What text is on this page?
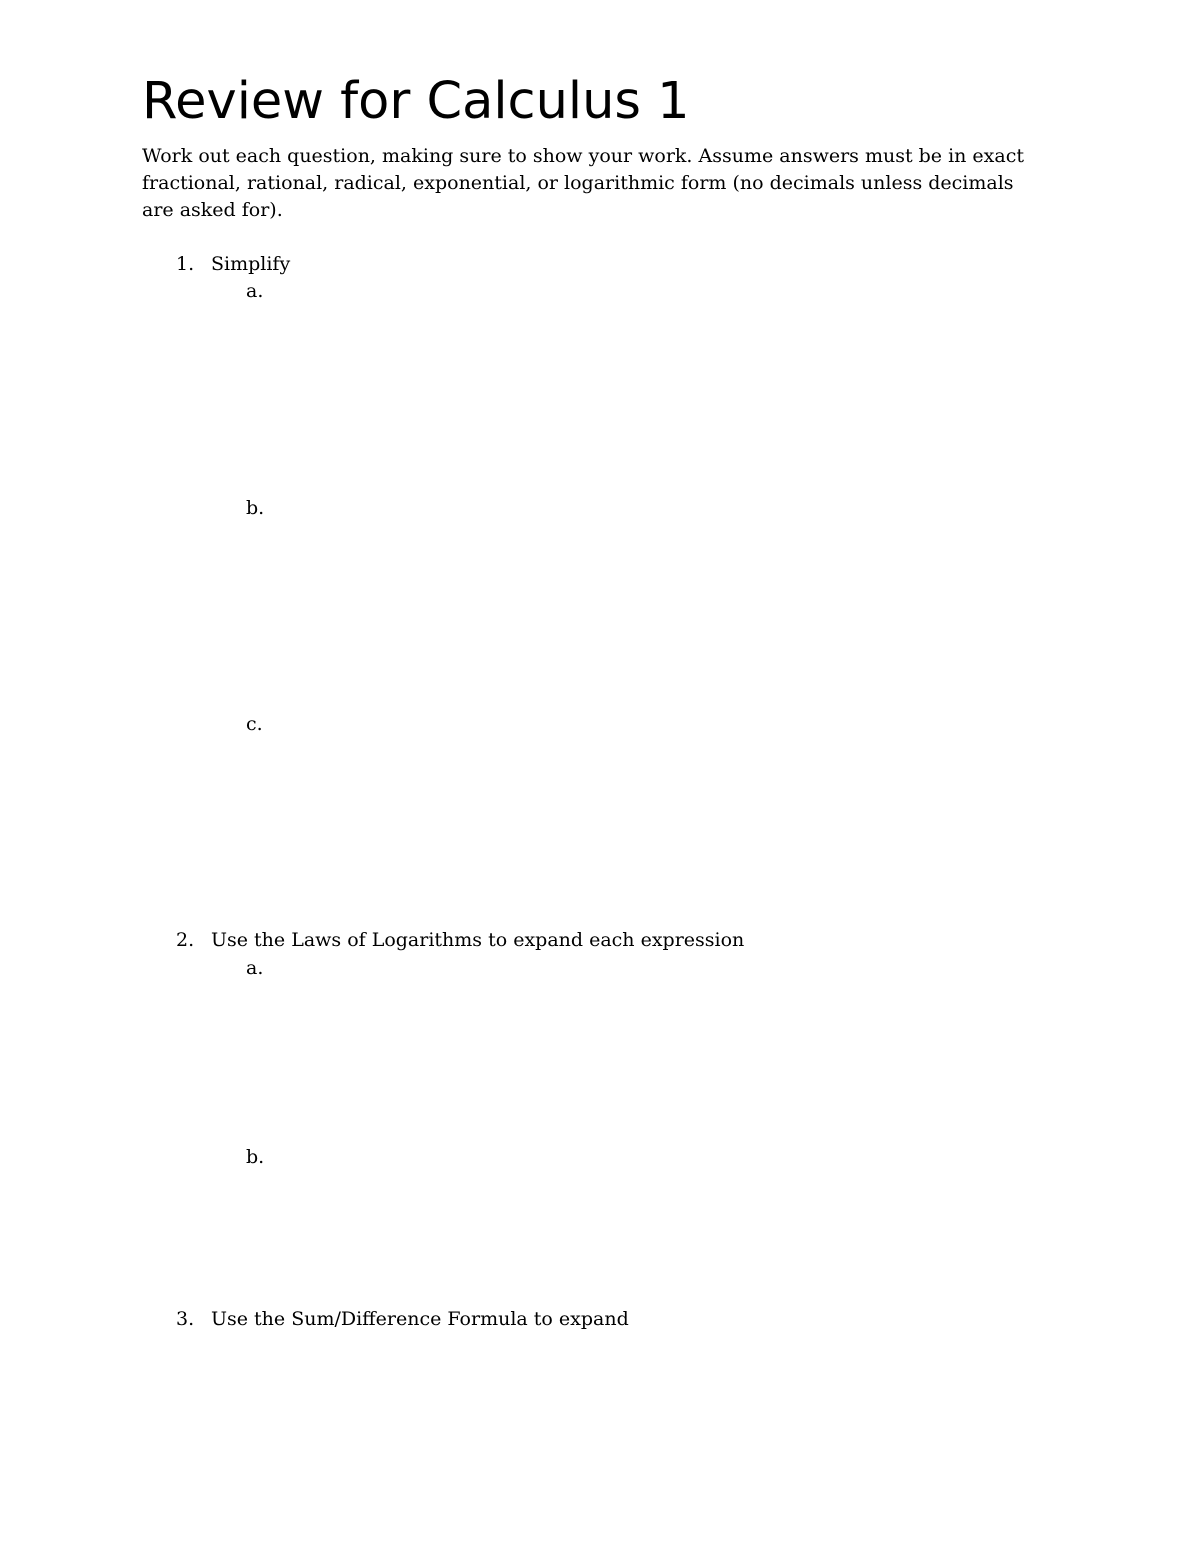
Review for Calculus 1

Work out each question, making sure to show your work. Assume answers must be in exact fractional, rational, radical, exponential, or logarithmic form (no decimals unless decimals are asked for).

1. Simplify
a.
b.
c.
2. Use the Laws of Logarithms to expand each expression
a.
b.
3. Use the Sum/Difference Formula to expand
